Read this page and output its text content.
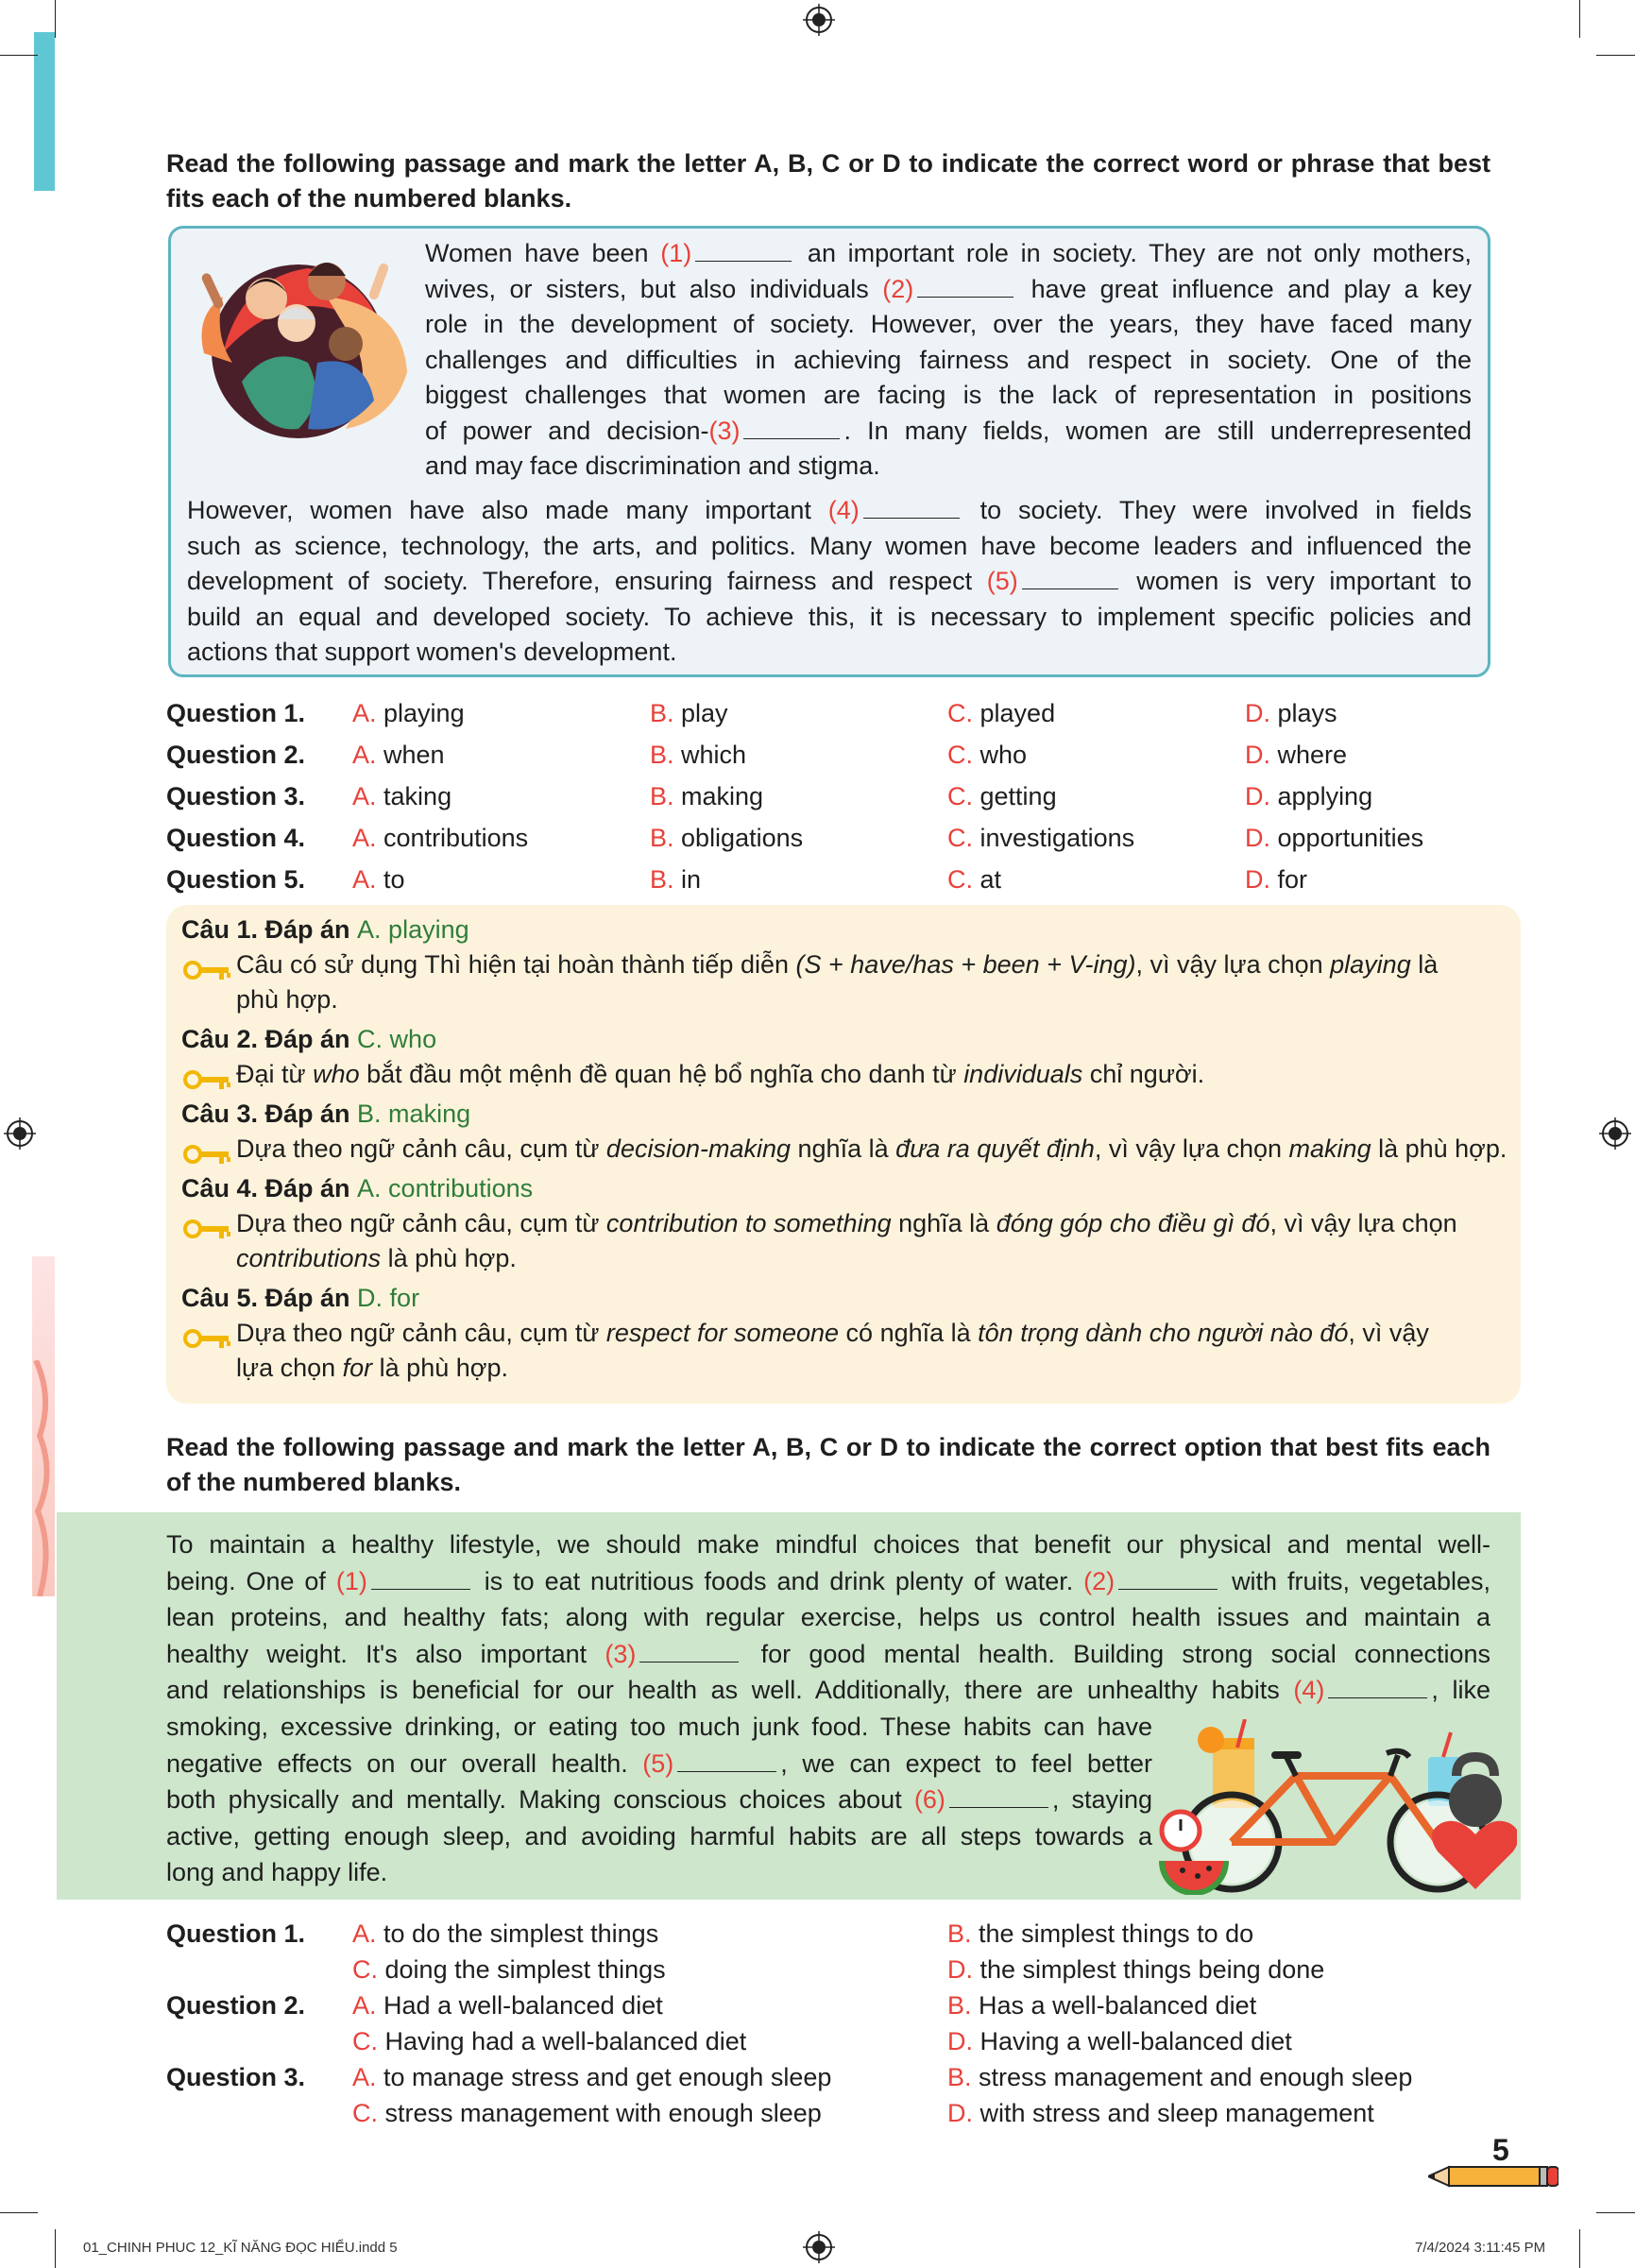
Read the following passage and mark the letter A, B, C or D to indicate the correct word or phrase that best fits each of the numbered blanks.
Women have been (1)	an important role in society. They are not only mothers,
wives, or sisters, but also individuals (2)	have great influence and play a key
role in the development of society. However, over the years, they have faced many
challenges and difficulties in achieving fairness and respect in society. One of the
biggest challenges that women are facing is the lack of representation in positions
of power and decision-(3)	. In many fields, women are still underrepresented
and may face discrimination and stigma.
However, women have also made many important (4)	to society. They were involved in fields
such as science, technology, the arts, and politics. Many women have become leaders and influenced the
development of society. Therefore, ensuring fairness and respect (5)	women is very important to
build an equal and developed society. To achieve this, it is necessary to implement specific policies and
actions that support women's development.
Question 1.	A. playing	B. play	C. played	D. plays
Question 2.	A. when	B. which	C. who	D. where
Question 3.	A. taking	B. making	C. getting	D. applying
Question 4.	A. contributions	B. obligations	C. investigations	D. opportunities
Question 5.	A. to	B. in	C. at	D. for
Câu 1. Đáp án A. playing
Câu có sử dụng Thì hiện tại hoàn thành tiếp diễn (S + have/has + been + V-ing), vì vậy lựa chọn playing là
phù hợp.
Câu 2. Đáp án C. who
Đại từ who bắt đầu một mệnh đề quan hệ bổ nghĩa cho danh từ individuals chỉ người.
Câu 3. Đáp án B. making
Dựa theo ngữ cảnh câu, cụm từ decision-making nghĩa là đưa ra quyết định, vì vậy lựa chọn making là phù hợp.
Câu 4. Đáp án A. contributions
Dựa theo ngữ cảnh câu, cụm từ contribution to something nghĩa là đóng góp cho điều gì đó, vì vậy lựa chọn
contributions là phù hợp.
Câu 5. Đáp án D. for
Dựa theo ngữ cảnh câu, cụm từ respect for someone có nghĩa là tôn trọng dành cho người nào đó, vì vậy
lựa chọn for là phù hợp.
Read the following passage and mark the letter A, B, C or D to indicate the correct option that best fits each of the numbered blanks.
To maintain a healthy lifestyle, we should make mindful choices that benefit our physical and mental well-
being. One of (1)	is to eat nutritious foods and drink plenty of water. (2)	with fruits, vegetables,
lean proteins, and healthy fats; along with regular exercise, helps us control health issues and maintain a
healthy weight. It's also important (3)	for good mental health. Building strong social connections
and relationships is beneficial for our health as well. Additionally, there are unhealthy habits (4)	, like
smoking, excessive drinking, or eating too much junk food. These habits can have
negative effects on our overall health. (5)	, we can expect to feel better
both physically and mentally. Making conscious choices about (6)	, staying
active, getting enough sleep, and avoiding harmful habits are all steps towards a
long and happy life.
Question 1. A. to do the simplest things	B. the simplest things to do
C. doing the simplest things	D. the simplest things being done
Question 2. A. Had a well-balanced diet	B. Has a well-balanced diet
C. Having had a well-balanced diet	D. Having a well-balanced diet
Question 3. A. to manage stress and get enough sleep	B. stress management and enough sleep
C. stress management with enough sleep	D. with stress and sleep management
5
01_CHINH PHUC 12_KĨ NĂNG ĐỌC HIỂU.indd 5	7/4/2024 3:11:45 PM
